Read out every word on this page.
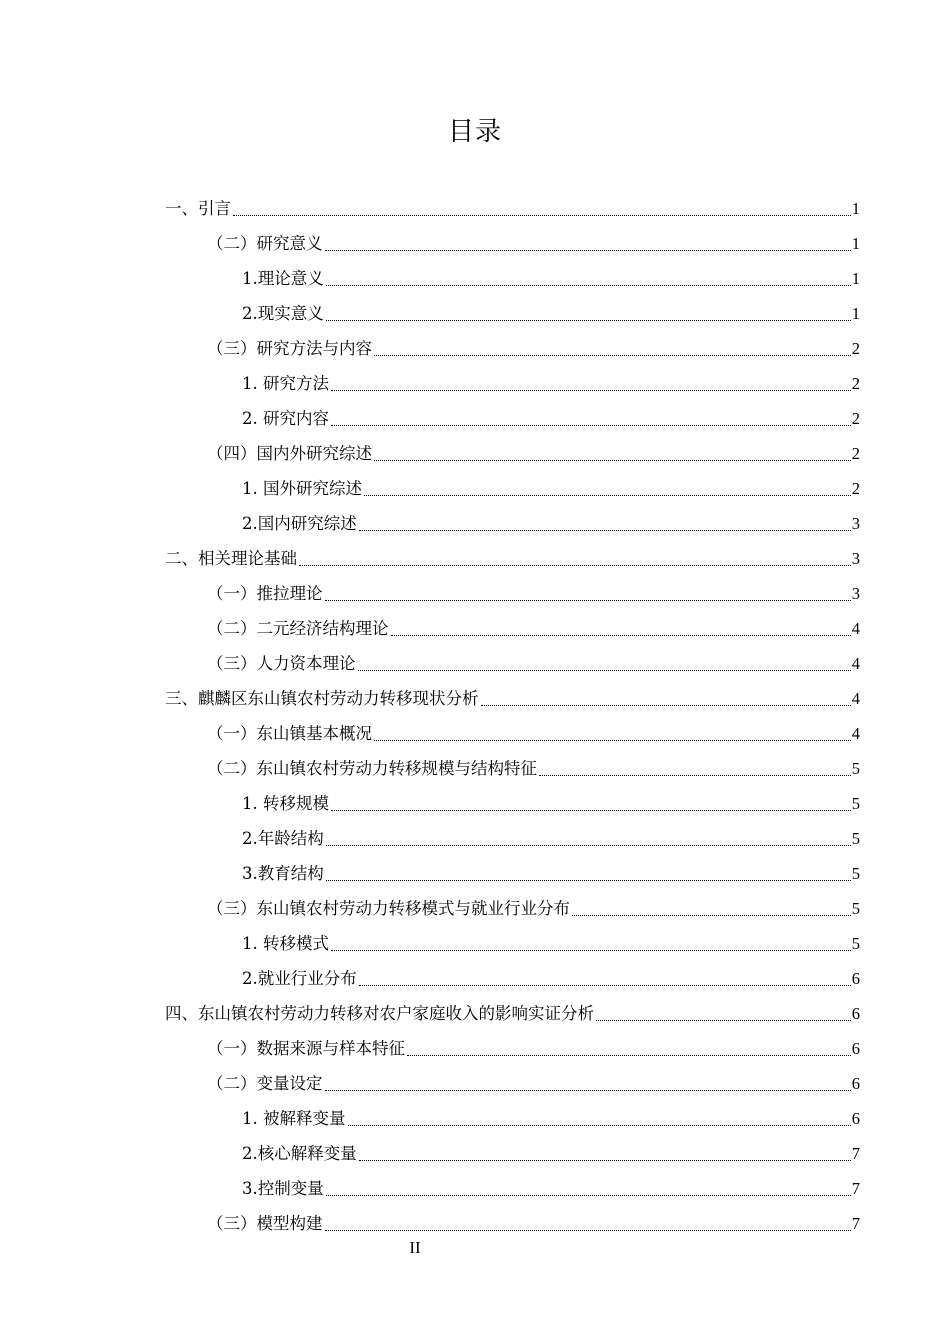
目录
一、引言	1
（二）研究意义	1
1.理论意义	1
2.现实意义	1
（三）研究方法与内容	2
1. 研究方法	2
2. 研究内容	2
（四）国内外研究综述	2
1. 国外研究综述	2
2.国内研究综述	3
二、相关理论基础	3
（一）推拉理论	3
（二）二元经济结构理论	4
（三）人力资本理论	4
三、麒麟区东山镇农村劳动力转移现状分析	4
（一）东山镇基本概况	4
（二）东山镇农村劳动力转移规模与结构特征	5
1. 转移规模	5
2.年龄结构	5
3.教育结构	5
（三）东山镇农村劳动力转移模式与就业行业分布	5
1. 转移模式	5
2.就业行业分布	6
四、东山镇农村劳动力转移对农户家庭收入的影响实证分析	6
（一）数据来源与样本特征	6
（二）变量设定	6
1. 被解释变量	6
2.核心解释变量	7
3.控制变量	7
（三）模型构建	7
II
